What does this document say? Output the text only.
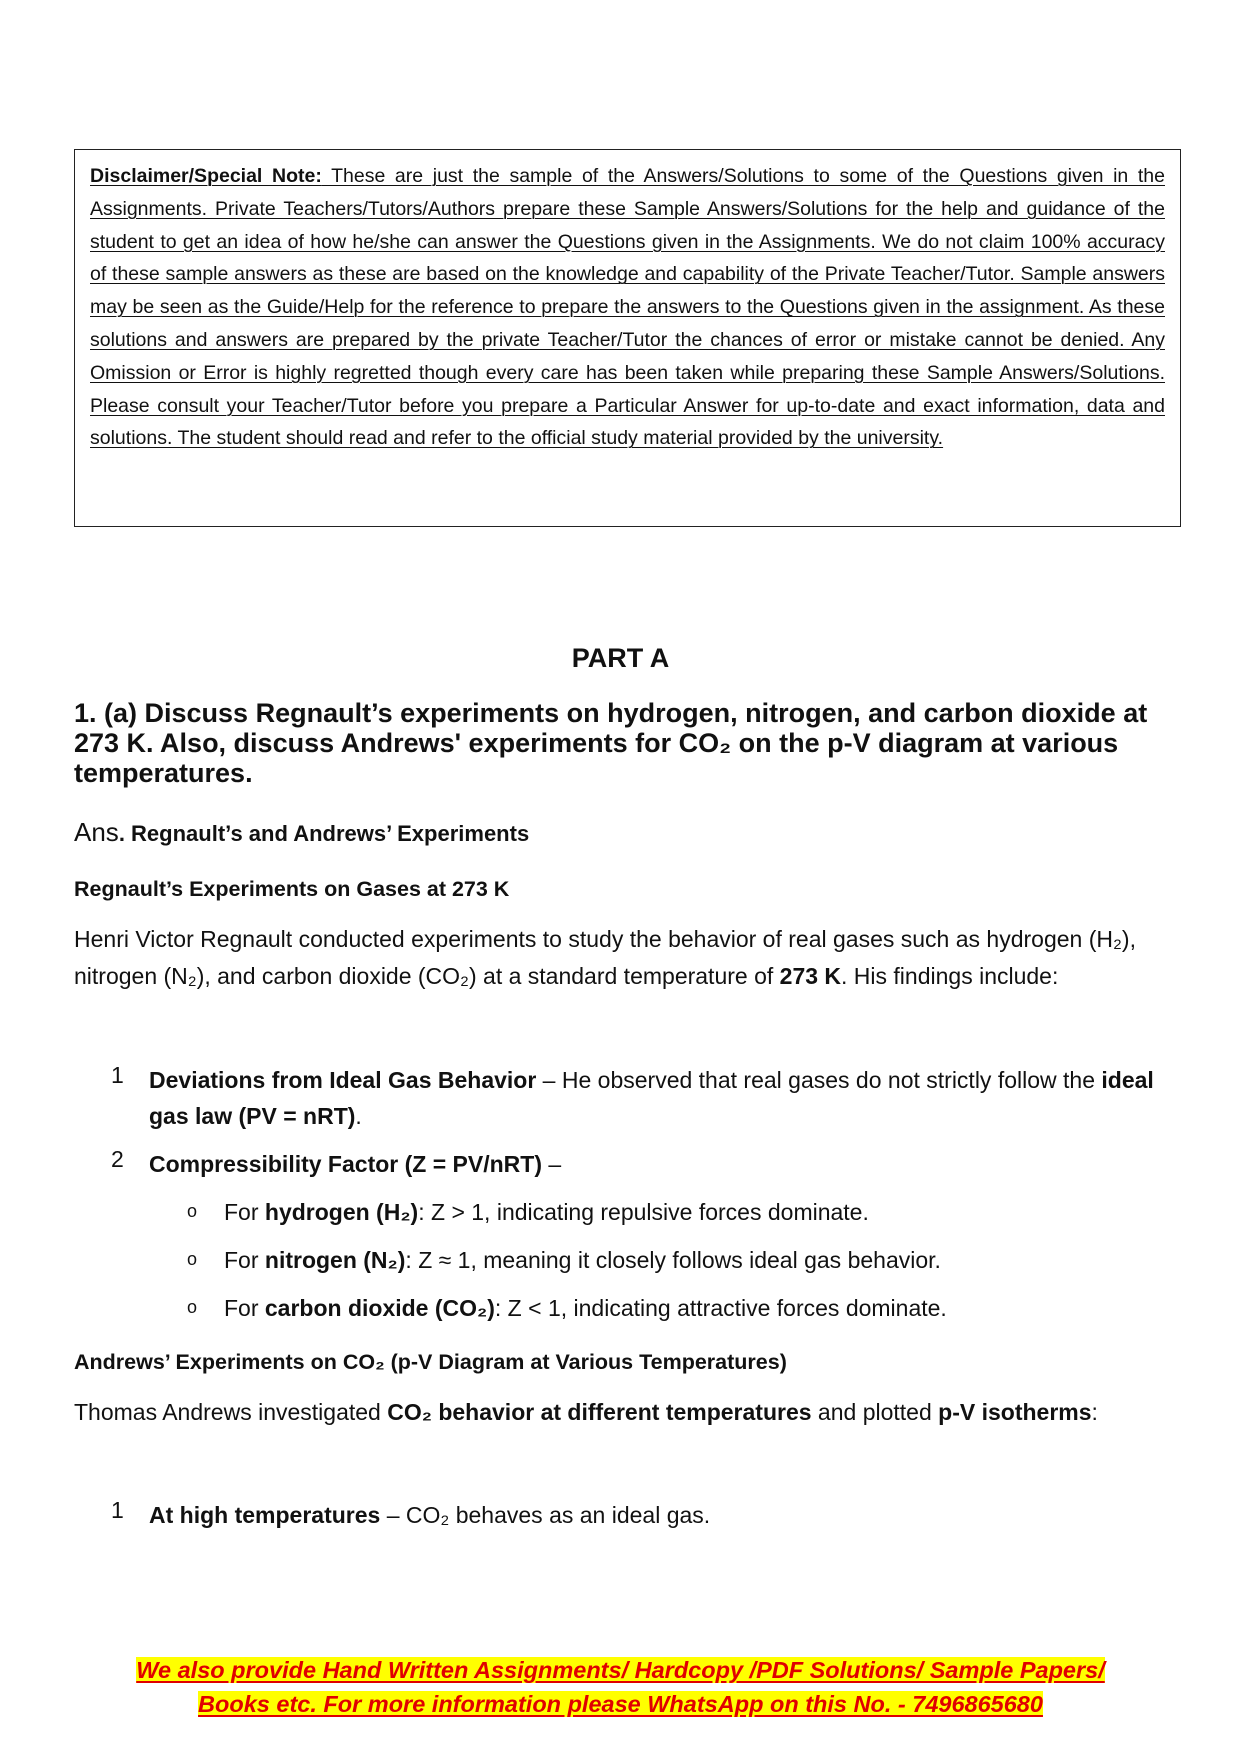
Disclaimer/Special Note: These are just the sample of the Answers/Solutions to some of the Questions given in the Assignments. Private Teachers/Tutors/Authors prepare these Sample Answers/Solutions for the help and guidance of the student to get an idea of how he/she can answer the Questions given in the Assignments. We do not claim 100% accuracy of these sample answers as these are based on the knowledge and capability of the Private Teacher/Tutor. Sample answers may be seen as the Guide/Help for the reference to prepare the answers to the Questions given in the assignment. As these solutions and answers are prepared by the private Teacher/Tutor the chances of error or mistake cannot be denied. Any Omission or Error is highly regretted though every care has been taken while preparing these Sample Answers/Solutions. Please consult your Teacher/Tutor before you prepare a Particular Answer for up-to-date and exact information, data and solutions. The student should read and refer to the official study material provided by the university.

PART A
1. (a) Discuss Regnault’s experiments on hydrogen, nitrogen, and carbon dioxide at 273 K. Also, discuss Andrews' experiments for CO₂ on the p-V diagram at various temperatures.
Ans. Regnault’s and Andrews’ Experiments
Regnault’s Experiments on Gases at 273 K
Henri Victor Regnault conducted experiments to study the behavior of real gases such as hydrogen (H₂), nitrogen (N₂), and carbon dioxide (CO₂) at a standard temperature of 273 K. His findings include:
1 Deviations from Ideal Gas Behavior – He observed that real gases do not strictly follow the ideal gas law (PV = nRT).
2 Compressibility Factor (Z = PV/nRT) –
o For hydrogen (H₂): Z > 1, indicating repulsive forces dominate.
o For nitrogen (N₂): Z ≈ 1, meaning it closely follows ideal gas behavior.
o For carbon dioxide (CO₂): Z < 1, indicating attractive forces dominate.
Andrews’ Experiments on CO₂ (p-V Diagram at Various Temperatures)
Thomas Andrews investigated CO₂ behavior at different temperatures and plotted p-V isotherms:
1 At high temperatures – CO₂ behaves as an ideal gas.
We also provide Hand Written Assignments/ Hardcopy /PDF Solutions/ Sample Papers/
Books etc. For more information please WhatsApp on this No. - 7496865680
